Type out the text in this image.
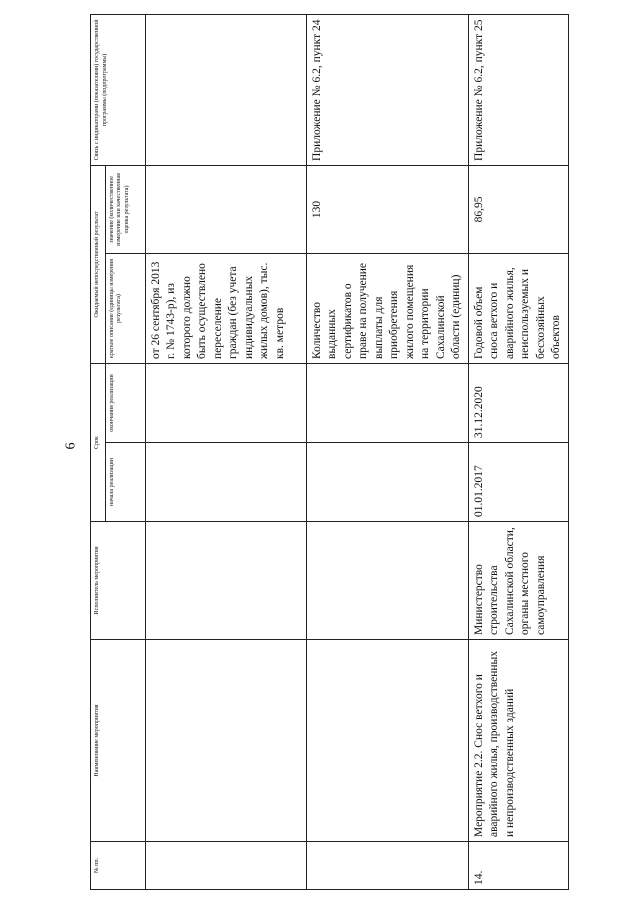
6
№ пп.	Наименование мероприятия	Исполнитель мероприятия	Срок		Ожидаемый непосредственный результат		Связь с индикаторами (показателями) государственной программы (подпрограммы)
			начала реализации	окончания реализации	краткое описание (единицы измерения результата)	значение (количественное измерение или качественная оценка результата)	
					от 26 сентября 2013 г. № 1743-р), из которого должно быть осуществлено переселение граждан (без учета индивидуальных жилых домов), тыс. кв. метров		
					Количество выданных сертификатов о праве на получение выплаты для приобретения жилого помещения на территории Сахалинской области (единиц)	130	Приложение № 6.2, пункт 24
14.	Мероприятие 2.2. Снос ветхого и аварийного жилья, производственных и непроизводственных зданий	Министерство строительства Сахалинской области, органы местного самоуправления	01.01.2017	31.12.2020	Годовой объем сноса ветхого и аварийного жилья, неиспользуемых и бесхозяйных объектов	86,95	Приложение № 6.2, пункт 25
